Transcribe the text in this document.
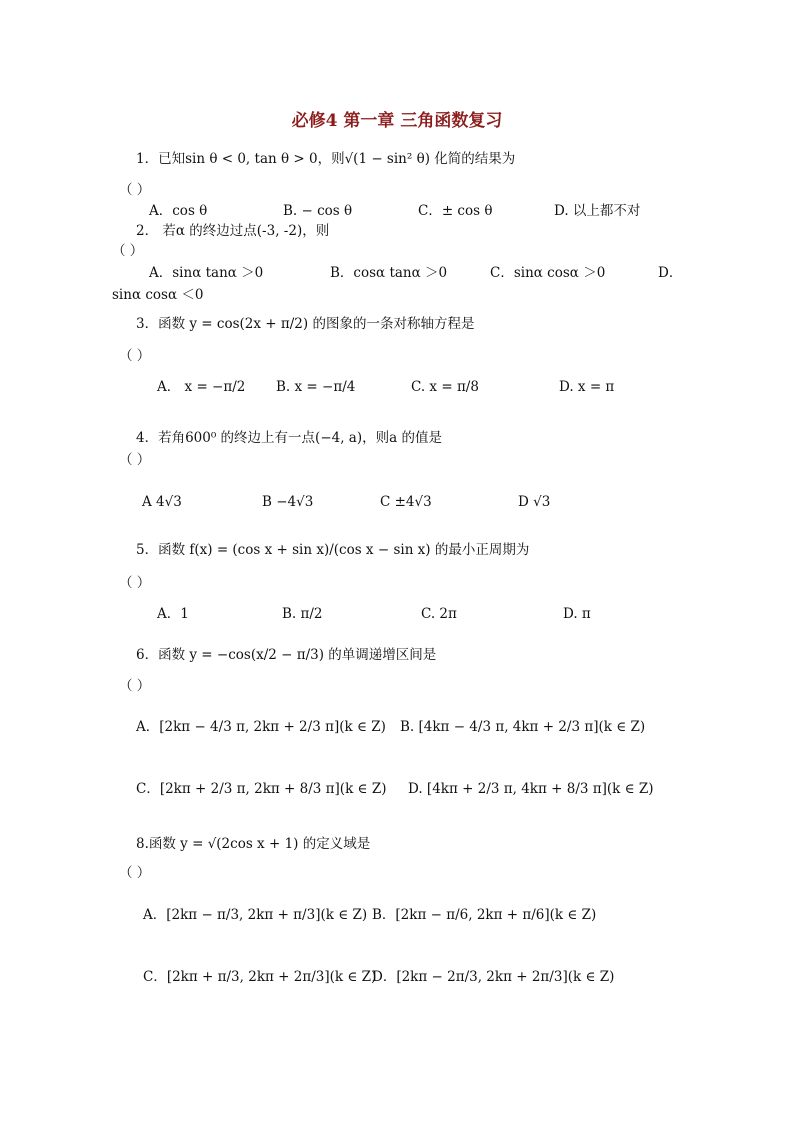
必修4 第一章 三角函数复习
1．已知sin θ < 0, tan θ > 0，则√(1 − sin² θ) 化简的结果为
（ ）
A．cos θ	B. − cos θ	C．± cos θ	D. 以上都不对
2． 若α 的终边过点(-3, -2)，则
（ ）
A．sinα tanα ＞0	B．cosα tanα ＞0	C．sinα cosα ＞0	D．
sinα cosα ＜0
3．函数 y = cos(2x + π/2) 的图象的一条对称轴方程是
（ ）
A． x = −π/2 B. x = −π/4	C. x = π/8	D. x = π
4．若角600⁰ 的终边上有一点(−4, a)，则a 的值是
（ ）
A 4√3	B −4√3	C ±4√3	D √3
5．函数 f(x) = (cos x + sin x)/(cos x − sin x) 的最小正周期为
（ ）
A．1	B. π/2	C. 2π	D. π
6．函数 y = −cos(x/2 − π/3) 的单调递增区间是
（ ）
A．[2kπ − 4/3 π, 2kπ + 2/3 π](k ∈ Z) B. [4kπ − 4/3 π, 4kπ + 2/3 π](k ∈ Z)
C．[2kπ + 2/3 π, 2kπ + 8/3 π](k ∈ Z) D. [4kπ + 2/3 π, 4kπ + 8/3 π](k ∈ Z)
8.函数 y = √(2cos x + 1) 的定义域是
（ ）
A．[2kπ − π/3, 2kπ + π/3](k ∈ Z) B．[2kπ − π/6, 2kπ + π/6](k ∈ Z)
C．[2kπ + π/3, 2kπ + 2π/3](k ∈ Z)
D．[2kπ − 2π/3, 2kπ + 2π/3](k ∈ Z)
